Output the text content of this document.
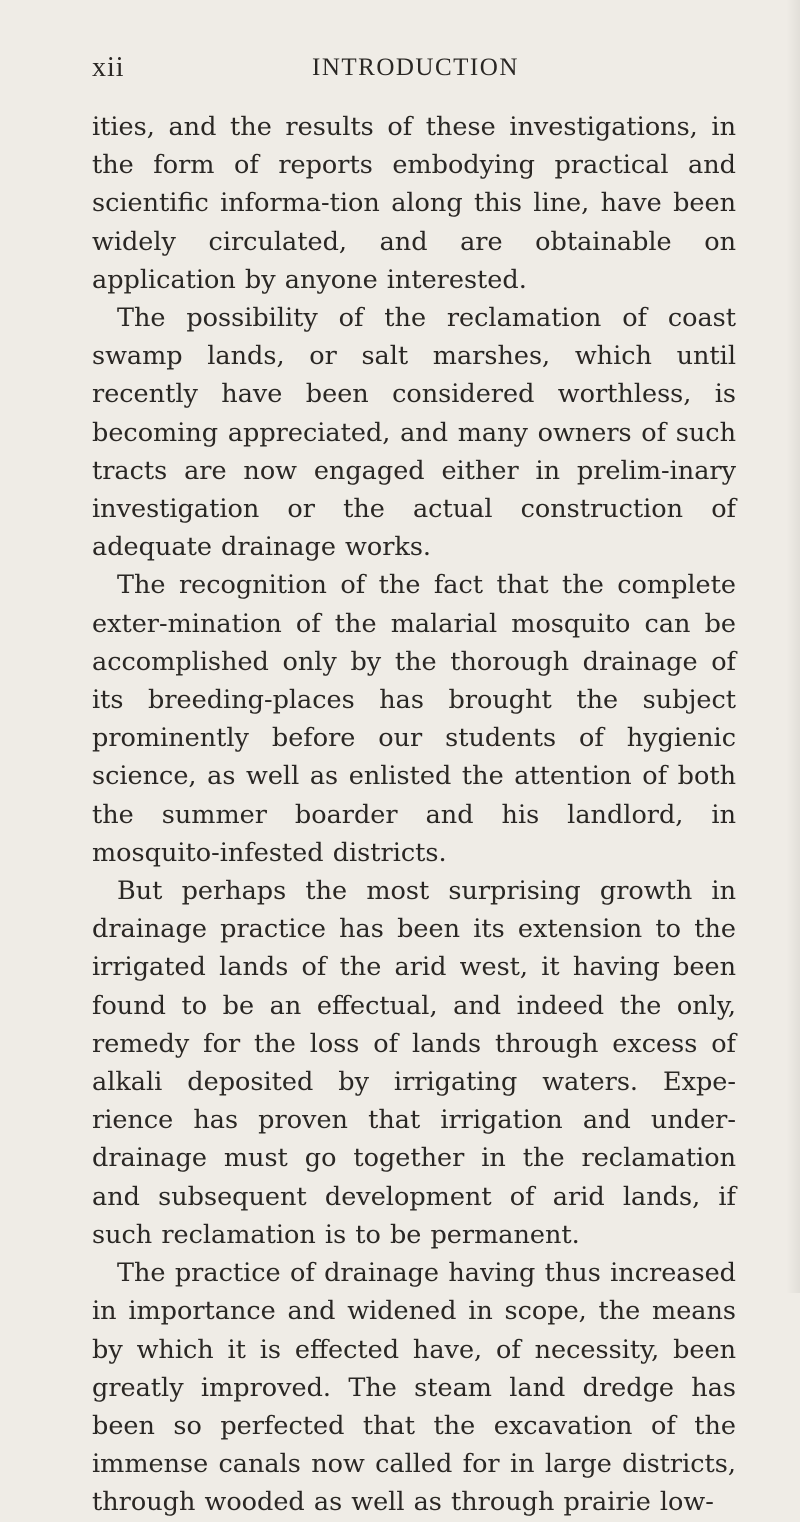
xii	INTRODUCTION

ities, and the results of these investigations, in the form of reports embodying practical and scientific informa-tion along this line, have been widely circulated, and are obtainable on application by anyone interested.

The possibility of the reclamation of coast swamp lands, or salt marshes, which until recently have been considered worthless, is becoming appreciated, and many owners of such tracts are now engaged either in prelim-inary investigation or the actual construction of adequate drainage works.

The recognition of the fact that the complete exter-mination of the malarial mosquito can be accomplished only by the thorough drainage of its breeding-places has brought the subject prominently before our students of hygienic science, as well as enlisted the attention of both the summer boarder and his landlord, in mosquito-infested districts.

But perhaps the most surprising growth in drainage practice has been its extension to the irrigated lands of the arid west, it having been found to be an effectual, and indeed the only, remedy for the loss of lands through excess of alkali deposited by irrigating waters. Expe-rience has proven that irrigation and under-drainage must go together in the reclamation and subsequent development of arid lands, if such reclamation is to be permanent.

The practice of drainage having thus increased in importance and widened in scope, the means by which it is effected have, of necessity, been greatly improved. The steam land dredge has been so perfected that the excavation of the immense canals now called for in large districts, through wooded as well as through prairie low-
